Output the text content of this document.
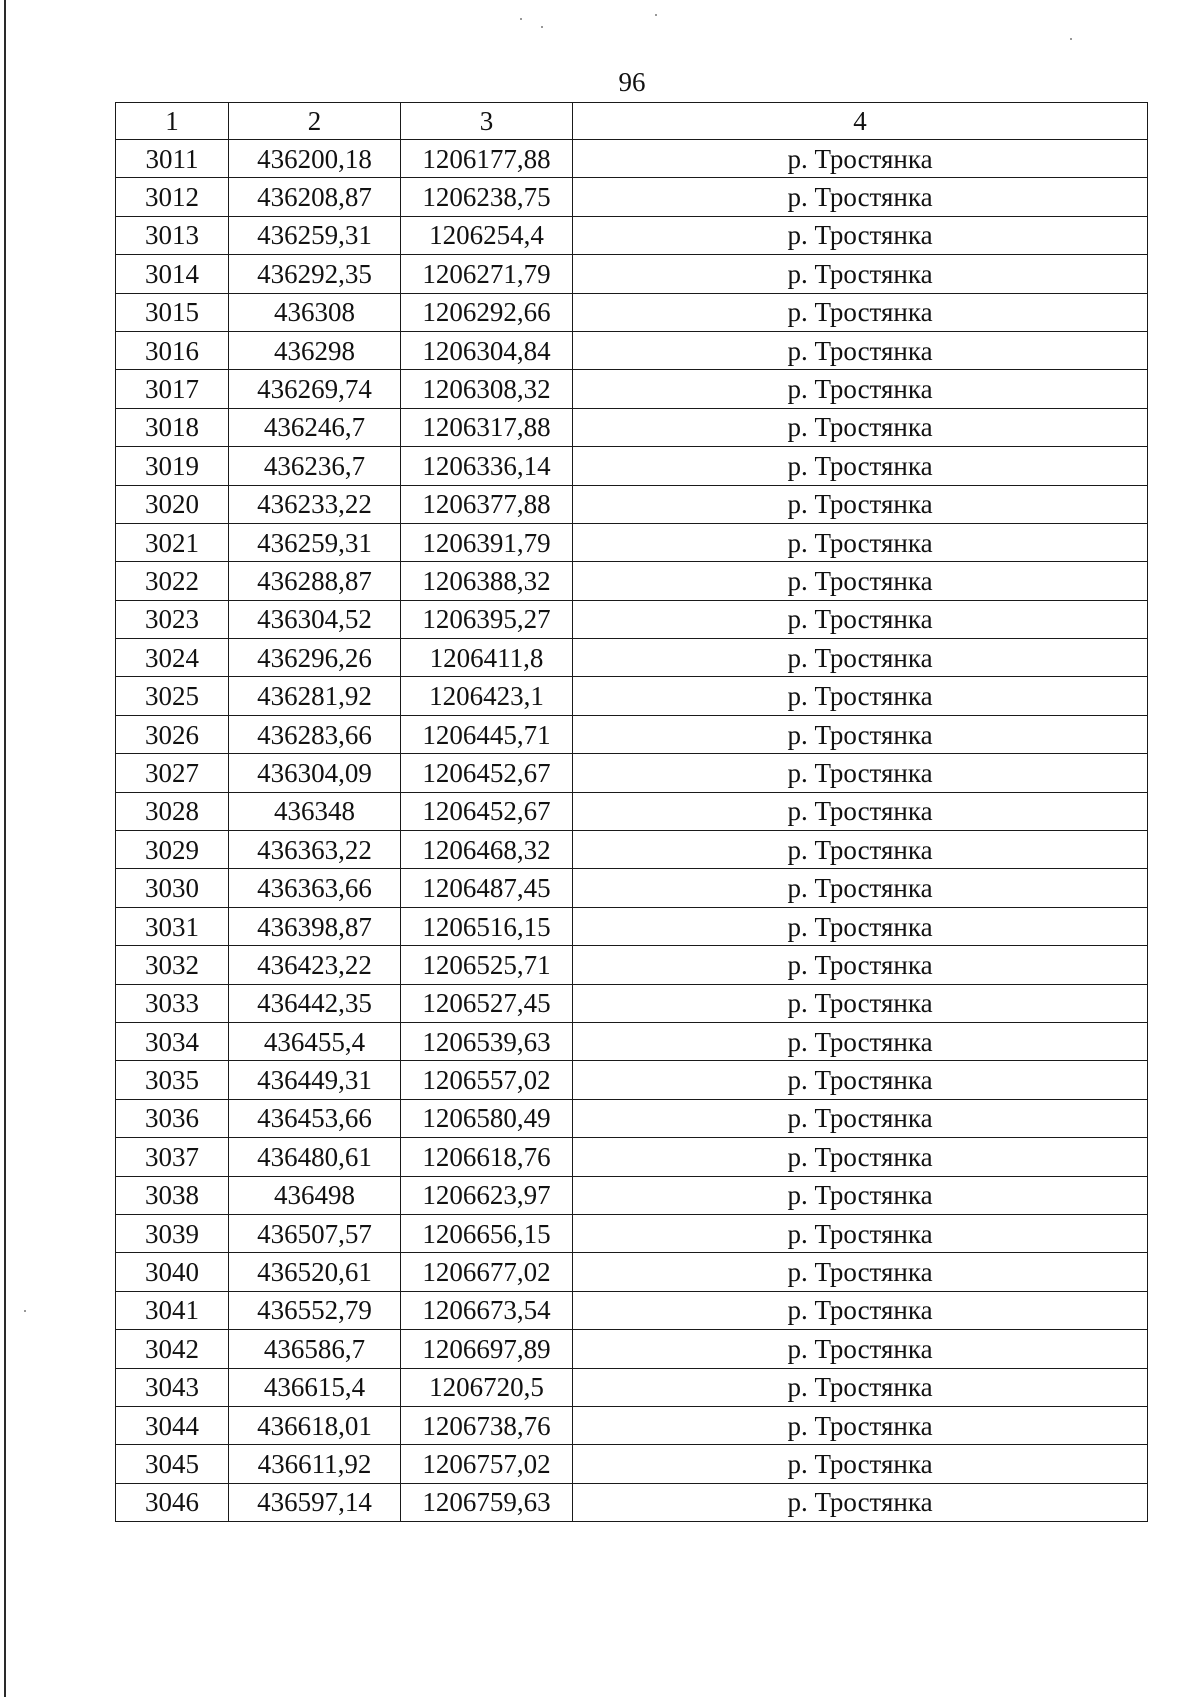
96
1	2	3	4
3011	436200,18	1206177,88	р. Тростянка
3012	436208,87	1206238,75	р. Тростянка
3013	436259,31	1206254,4	р. Тростянка
3014	436292,35	1206271,79	р. Тростянка
3015	436308	1206292,66	р. Тростянка
3016	436298	1206304,84	р. Тростянка
3017	436269,74	1206308,32	р. Тростянка
3018	436246,7	1206317,88	р. Тростянка
3019	436236,7	1206336,14	р. Тростянка
3020	436233,22	1206377,88	р. Тростянка
3021	436259,31	1206391,79	р. Тростянка
3022	436288,87	1206388,32	р. Тростянка
3023	436304,52	1206395,27	р. Тростянка
3024	436296,26	1206411,8	р. Тростянка
3025	436281,92	1206423,1	р. Тростянка
3026	436283,66	1206445,71	р. Тростянка
3027	436304,09	1206452,67	р. Тростянка
3028	436348	1206452,67	р. Тростянка
3029	436363,22	1206468,32	р. Тростянка
3030	436363,66	1206487,45	р. Тростянка
3031	436398,87	1206516,15	р. Тростянка
3032	436423,22	1206525,71	р. Тростянка
3033	436442,35	1206527,45	р. Тростянка
3034	436455,4	1206539,63	р. Тростянка
3035	436449,31	1206557,02	р. Тростянка
3036	436453,66	1206580,49	р. Тростянка
3037	436480,61	1206618,76	р. Тростянка
3038	436498	1206623,97	р. Тростянка
3039	436507,57	1206656,15	р. Тростянка
3040	436520,61	1206677,02	р. Тростянка
3041	436552,79	1206673,54	р. Тростянка
3042	436586,7	1206697,89	р. Тростянка
3043	436615,4	1206720,5	р. Тростянка
3044	436618,01	1206738,76	р. Тростянка
3045	436611,92	1206757,02	р. Тростянка
3046	436597,14	1206759,63	р. Тростянка
